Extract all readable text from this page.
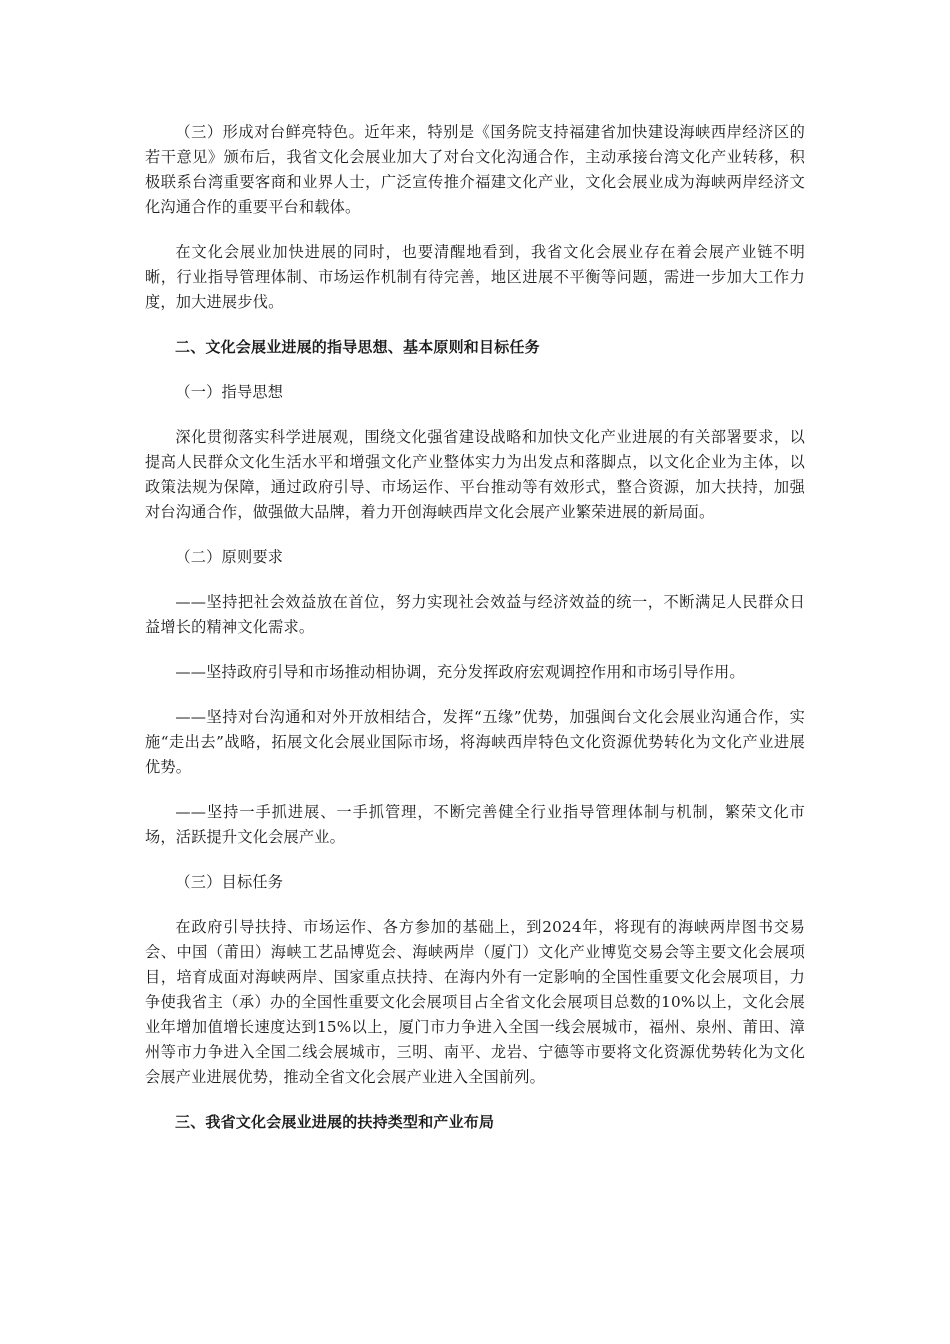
（三）形成对台鲜亮特色。近年来，特别是《国务院支持福建省加快建设海峡西岸经济区的若干意见》颁布后，我省文化会展业加大了对台文化沟通合作，主动承接台湾文化产业转移，积极联系台湾重要客商和业界人士，广泛宣传推介福建文化产业，文化会展业成为海峡两岸经济文化沟通合作的重要平台和载体。

在文化会展业加快进展的同时，也要清醒地看到，我省文化会展业存在着会展产业链不明晰，行业指导管理体制、市场运作机制有待完善，地区进展不平衡等问题，需进一步加大工作力度，加大进展步伐。

二、文化会展业进展的指导思想、基本原则和目标任务

（一）指导思想

深化贯彻落实科学进展观，围绕文化强省建设战略和加快文化产业进展的有关部署要求，以提高人民群众文化生活水平和增强文化产业整体实力为出发点和落脚点，以文化企业为主体，以政策法规为保障，通过政府引导、市场运作、平台推动等有效形式，整合资源，加大扶持，加强对台沟通合作，做强做大品牌，着力开创海峡西岸文化会展产业繁荣进展的新局面。

（二）原则要求

——坚持把社会效益放在首位，努力实现社会效益与经济效益的统一，不断满足人民群众日益增长的精神文化需求。

——坚持政府引导和市场推动相协调，充分发挥政府宏观调控作用和市场引导作用。

——坚持对台沟通和对外开放相结合，发挥“五缘”优势，加强闽台文化会展业沟通合作，实施“走出去”战略，拓展文化会展业国际市场，将海峡西岸特色文化资源优势转化为文化产业进展优势。

——坚持一手抓进展、一手抓管理，不断完善健全行业指导管理体制与机制，繁荣文化市场，活跃提升文化会展产业。

（三）目标任务

在政府引导扶持、市场运作、各方参加的基础上，到2024年，将现有的海峡两岸图书交易会、中国（莆田）海峡工艺品博览会、海峡两岸（厦门）文化产业博览交易会等主要文化会展项目，培育成面对海峡两岸、国家重点扶持、在海内外有一定影响的全国性重要文化会展项目，力争使我省主（承）办的全国性重要文化会展项目占全省文化会展项目总数的10%以上，文化会展业年增加值增长速度达到15%以上，厦门市力争进入全国一线会展城市，福州、泉州、莆田、漳州等市力争进入全国二线会展城市，三明、南平、龙岩、宁德等市要将文化资源优势转化为文化会展产业进展优势，推动全省文化会展产业进入全国前列。

三、我省文化会展业进展的扶持类型和产业布局
